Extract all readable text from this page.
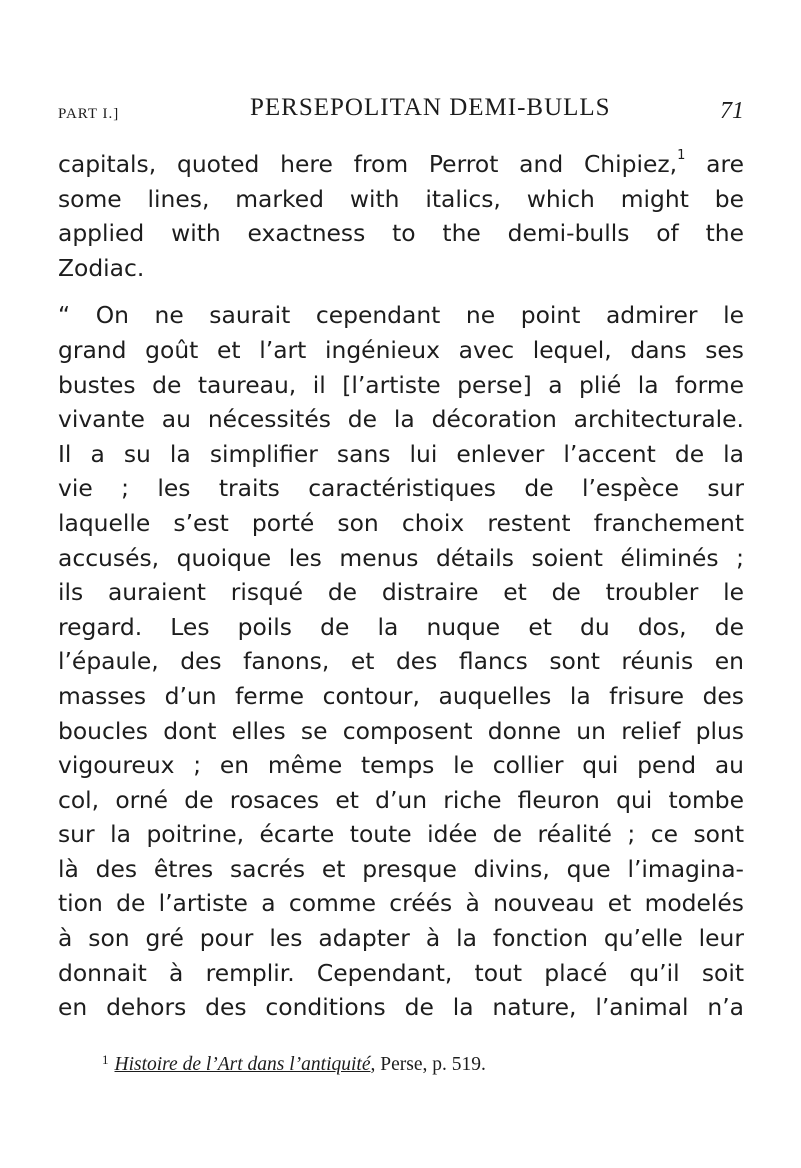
PART I.]	PERSEPOLITAN DEMI-BULLS	71
capitals, quoted here from Perrot and Chipiez,$^1$ are
some lines, marked with italics, which might be
applied with exactness to the demi-bulls of the
Zodiac.
“ On ne saurait cependant ne point admirer le
grand goût et l’art ingénieux avec lequel, dans ses
bustes de taureau, il [l’artiste perse] a plié la forme
vivante au nécessités de la décoration architecturale.
Il a su la simplifier sans lui enlever l’accent de la
vie ; les traits caractéristiques de l’espèce sur
laquelle s’est porté son choix restent franchement
accusés, quoique les menus détails soient éliminés ;
ils auraient risqué de distraire et de troubler le
regard. Les poils de la nuque et du dos, de
l’épaule, des fanons, et des flancs sont réunis en
masses d’un ferme contour, auquelles la frisure des
boucles dont elles se composent donne un relief plus
vigoureux ; en même temps le collier qui pend au
col, orné de rosaces et d’un riche fleuron qui tombe
sur la poitrine, écarte toute idée de réalité ; ce sont
là des êtres sacrés et presque divins, que l’imagina-
tion de l’artiste a comme créés à nouveau et modelés
à son gré pour les adapter à la fonction qu’elle leur
donnait à remplir. Cependant, tout placé qu’il soit
en dehors des conditions de la nature, l’animal n’a
$^1$ Histoire de l’Art dans l’antiquité, Perse, p. 519.
